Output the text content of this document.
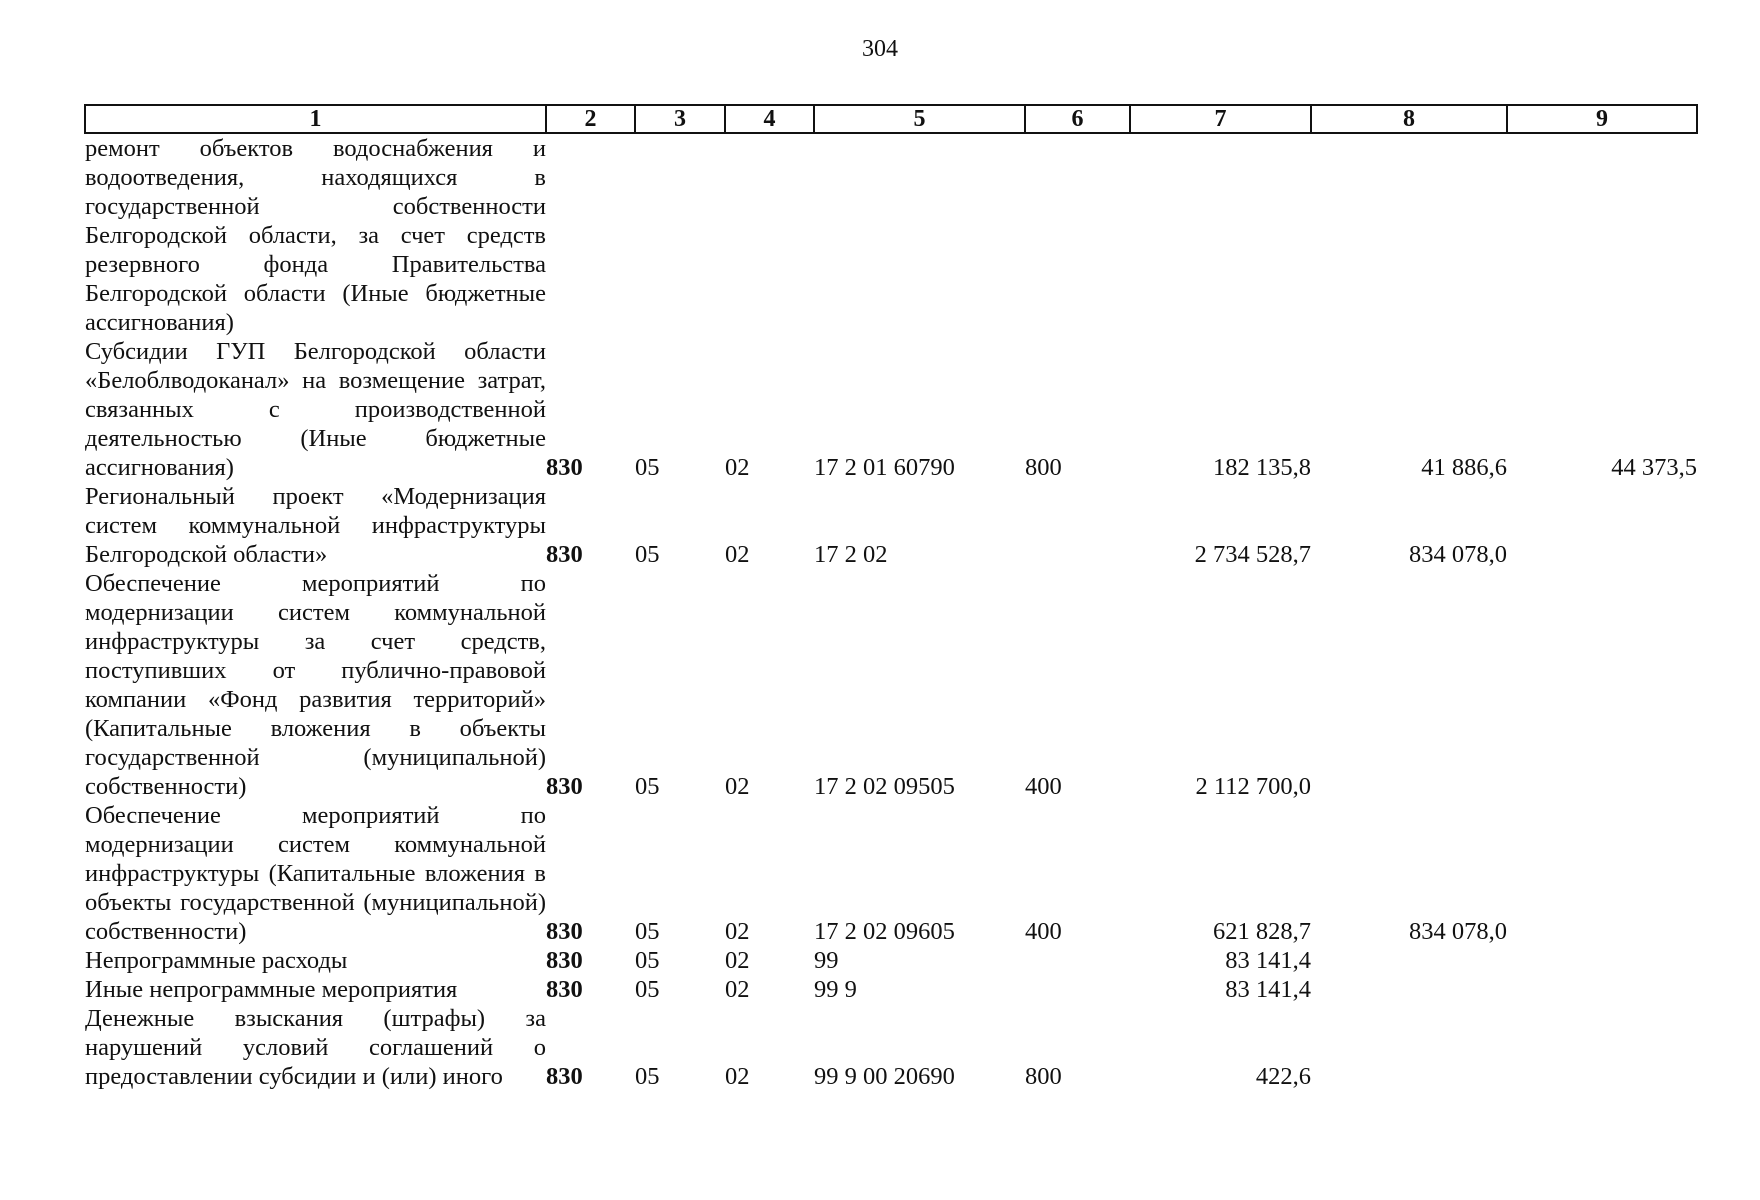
304
1	2	3	4	5	6	7	8	9
ремонт объектов водоснабжения и водоотведения, находящихся в государственной собственности Белгородской области, за счет средств резервного фонда Правительства Белгородской области (Иные бюджетные ассигнования)								
Субсидии ГУП Белгородской области «Белоблводоканал» на возмещение затрат, связанных с производственной деятельностью (Иные бюджетные ассигнования)	830	05	02	17 2 01 60790	800	182 135,8	41 886,6	44 373,5
Региональный проект «Модернизация систем коммунальной инфраструктуры Белгородской области»	830	05	02	17 2 02		2 734 528,7	834 078,0	
Обеспечение мероприятий по модернизации систем коммунальной инфраструктуры за счет средств, поступивших от публично-правовой компании «Фонд развития территорий» (Капитальные вложения в объекты государственной (муниципальной) собственности)	830	05	02	17 2 02 09505	400	2 112 700,0		
Обеспечение мероприятий по модернизации систем коммунальной инфраструктуры (Капитальные вложения в объекты государственной (муниципальной) собственности)	830	05	02	17 2 02 09605	400	621 828,7	834 078,0	
Непрограммные расходы	830	05	02	99		83 141,4		
Иные непрограммные мероприятия	830	05	02	99 9		83 141,4		
Денежные взыскания (штрафы) за нарушений условий соглашений о предоставлении субсидии и (или) иного	830	05	02	99 9 00 20690	800	422,6		
